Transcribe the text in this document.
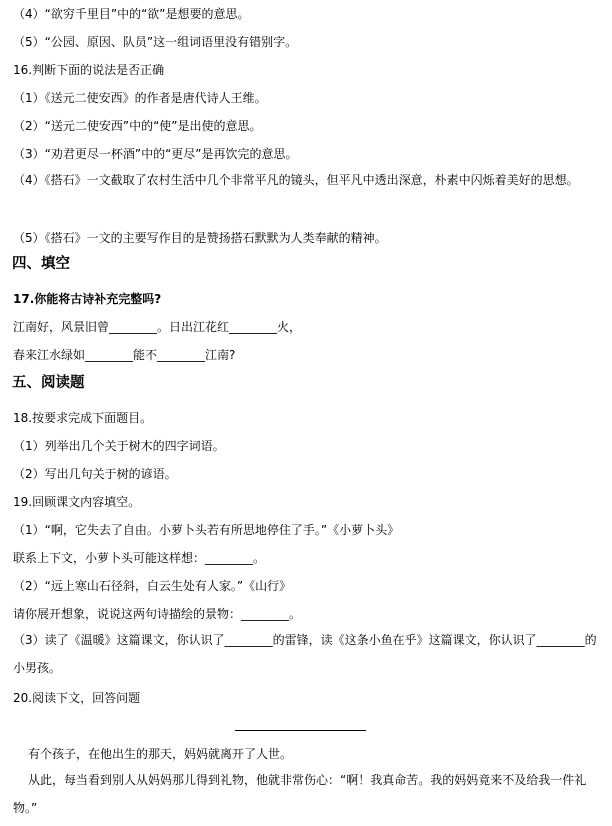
（4）“欲穷千里目”中的“欲”是想要的意思。
（5）“公园、原因、队员”这一组词语里没有错别字。
16.判断下面的说法是否正确
（1）《送元二使安西》的作者是唐代诗人王维。
（2）“送元二使安西”中的“使”是出使的意思。
（3）“劝君更尽一杯酒”中的“更尽”是再饮完的意思。
（4）《搭石》一文截取了农村生活中几个非常平凡的镜头，但平凡中透出深意，朴素中闪烁着美好的思想。
（5）《搭石》一文的主要写作目的是赞扬搭石默默为人类奉献的精神。
四、填空
17.你能将古诗补充完整吗?
江南好，风景旧曾________。日出江花红________火，
春来江水绿如________能不________江南?
五、阅读题
18.按要求完成下面题目。
（1）列举出几个关于树木的四字词语。
（2）写出几句关于树的谚语。
19.回顾课文内容填空。
（1）“啊，它失去了自由。小萝卜头若有所思地停住了手。”《小萝卜头》
联系上下文，小萝卜头可能这样想：________。
（2）“远上寒山石径斜，白云生处有人家。”《山行》
请你展开想象，说说这两句诗描绘的景物：________。
（3）读了《温暖》这篇课文，你认识了________的雷锋，读《这条小鱼在乎》这篇课文，你认识了________的小男孩。
20.阅读下文，回答问题
有个孩子，在他出生的那天，妈妈就离开了人世。
从此，每当看到别人从妈妈那儿得到礼物，他就非常伤心：“啊！我真命苦。我的妈妈竟来不及给我一件礼物。”
